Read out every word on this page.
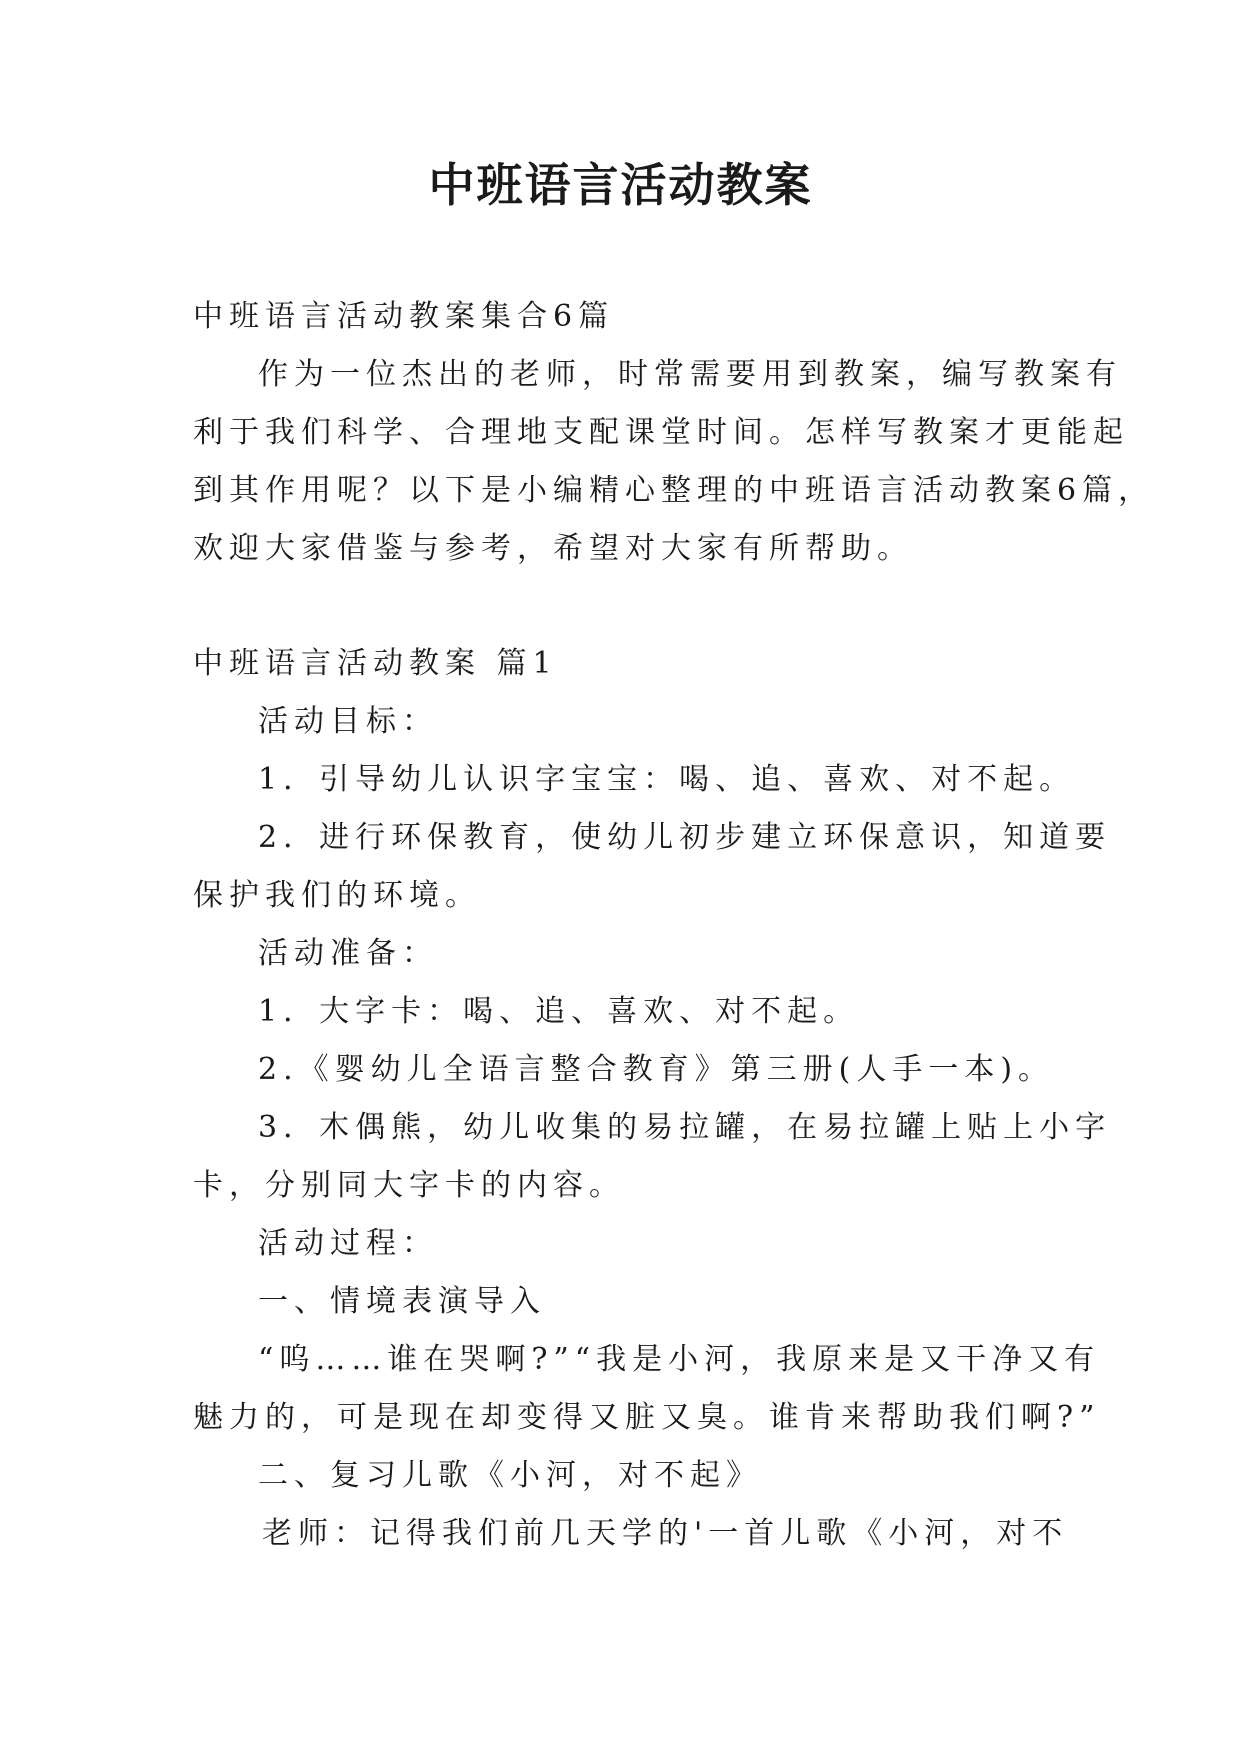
中班语言活动教案
中班语言活动教案集合6篇
作为一位杰出的老师，时常需要用到教案，编写教案有
利于我们科学、合理地支配课堂时间。怎样写教案才更能起
到其作用呢？以下是小编精心整理的中班语言活动教案6篇，
欢迎大家借鉴与参考，希望对大家有所帮助。
中班语言活动教案 篇1
活动目标：
1．引导幼儿认识字宝宝：喝、追、喜欢、对不起。
2．进行环保教育，使幼儿初步建立环保意识，知道要
保护我们的环境。
活动准备：
1．大字卡：喝、追、喜欢、对不起。
2.《婴幼儿全语言整合教育》第三册(人手一本)。
3．木偶熊，幼儿收集的易拉罐，在易拉罐上贴上小字
卡，分别同大字卡的内容。
活动过程：
一、情境表演导入
“呜……谁在哭啊?”“我是小河，我原来是又干净又有
魅力的，可是现在却变得又脏又臭。谁肯来帮助我们啊?”
二、复习儿歌《小河，对不起》
老师：记得我们前几天学的'一首儿歌《小河，对不
